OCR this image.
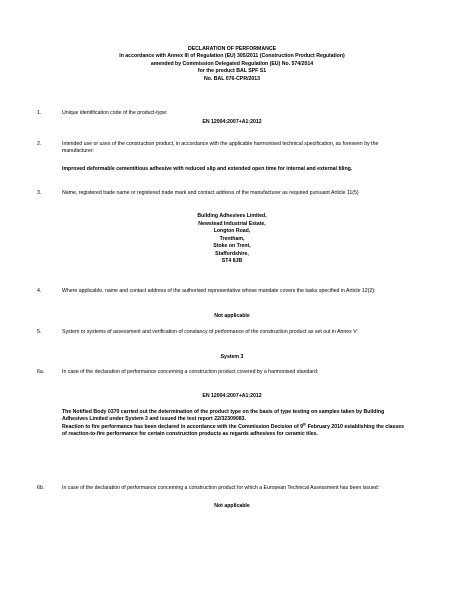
DECLARATION OF PERFORMANCE
In accordance with Annex III of Regulation (EU) 305/2011 (Construction Product Regulation)
amended by Commission Delegated Regulation (EU) No. 574/2014
for the product BAL SPF S1
No. BAL 076-CPR/2013
1.	Unique identification code of the product-type:
EN 12004:2007+A1:2012
2.	Intended use or uses of the construction product, in accordance with the applicable harmonised technical specification, as foreseen by the manufacturer:
Improved deformable cementitious adhesive with reduced slip and extended open time for internal and external tiling.
3.	Name, registered trade name or registered trade mark and contact address of the manufacturer as required pursuant Article 11(5)
Building Adhesives Limited,
Newstead Industrial Estate,
Longton Road,
Trentham,
Stoke on Trent,
Staffordshire,
ST4 8JB
4.	Where applicable, name and contact address of the authorised representative whose mandate covers the tasks specified in Article 12(2):
Not applicable
5.	System or systems of assessment and verification of constancy of performance of the construction product as set out in Annex V:
System 3
6a.	In case of the declaration of performance concerning a construction product covered by a harmonised standard:
EN 12004:2007+A1:2012
The Notified Body 0370 carried out the determination of the product type on the basis of type testing on samples taken by Building Adhesives Limited under System 3 and issued the test report 22/32309083.
Reaction to fire performance has been declared in accordance with the Commission Decision of 9th February 2010 establishing the classes of reaction-to-fire performance for certain construction products as regards adhesives for ceramic tiles.
6b.	In case of the declaration of performance concerning a construction product for which a European Technical Assessment has been issued:
Not applicable
